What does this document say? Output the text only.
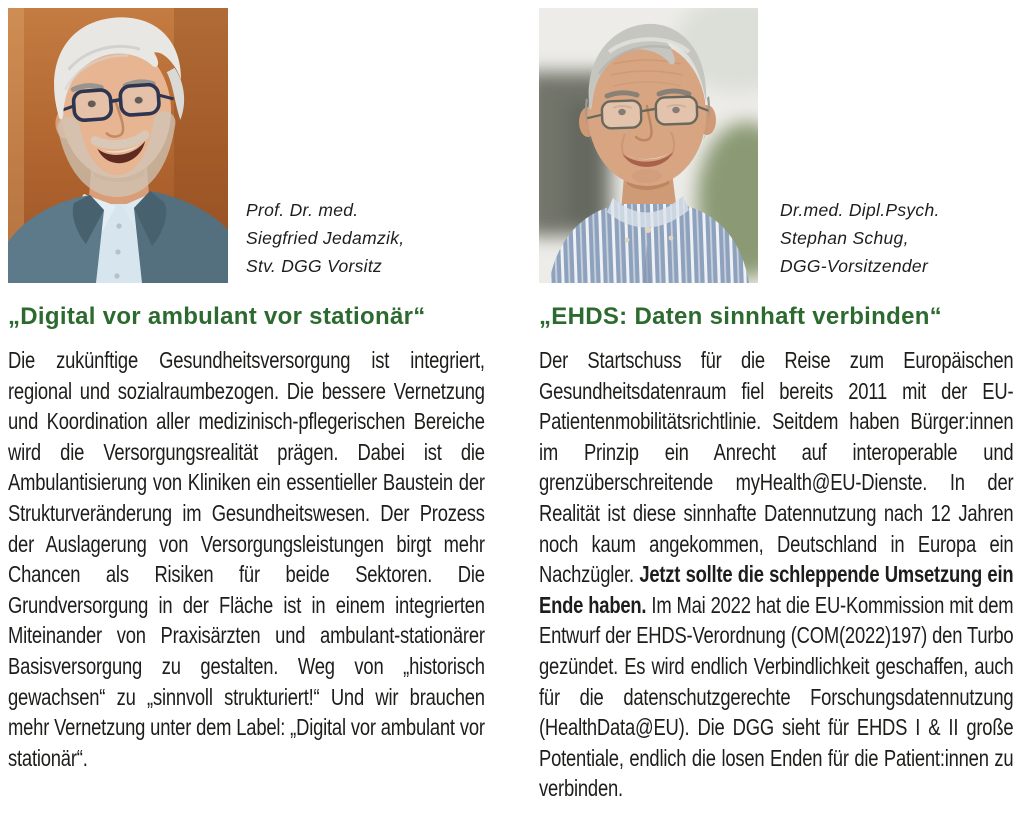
Prof. Dr. med.
Siegfried Jedamzik,
Stv. DGG Vorsitz
„Digital vor ambulant vor stationär“

Die zukünftige Gesundheitsversorgung ist integriert, regional und sozialraumbezogen. Die bessere Vernetzung und Koordination aller medizinisch-pflegerischen Bereiche wird die Versorgungsrealität prägen. Dabei ist die Ambulantisierung von Kliniken ein essentieller Baustein der Strukturveränderung im Gesundheitswesen. Der Prozess der Auslagerung von Versorgungsleistungen birgt mehr Chancen als Risiken für beide Sektoren. Die Grundversorgung in der Fläche ist in einem integrierten Miteinander von Praxisärzten und ambulant-stationärer Basisversorgung zu gestalten. Weg von „historisch gewachsen“ zu „sinnvoll strukturiert!“ Und wir brauchen mehr Vernetzung unter dem Label: „Digital vor ambulant vor stationär“.

Dr.med. Dipl.Psych.
Stephan Schug,
DGG-Vorsitzender
„EHDS: Daten sinnhaft verbinden“

Der Startschuss für die Reise zum Europäischen Gesundheitsdatenraum fiel bereits 2011 mit der EU-Patientenmobilitätsrichtlinie. Seitdem haben Bürger:innen im Prinzip ein Anrecht auf interoperable und grenzüberschreitende myHealth@EU-Dienste. In der Realität ist diese sinnhafte Datennutzung nach 12 Jahren noch kaum angekommen, Deutschland in Europa ein Nachzügler. Jetzt sollte die schleppende Umsetzung ein Ende haben. Im Mai 2022 hat die EU-Kommission mit dem Entwurf der EHDS-Verordnung (COM(2022)197) den Turbo gezündet. Es wird endlich Verbindlichkeit geschaffen, auch für die datenschutzgerechte Forschungsdatennutzung (HealthData@EU). Die DGG sieht für EHDS I & II große Potentiale, endlich die losen Enden für die Patient:innen zu verbinden.
